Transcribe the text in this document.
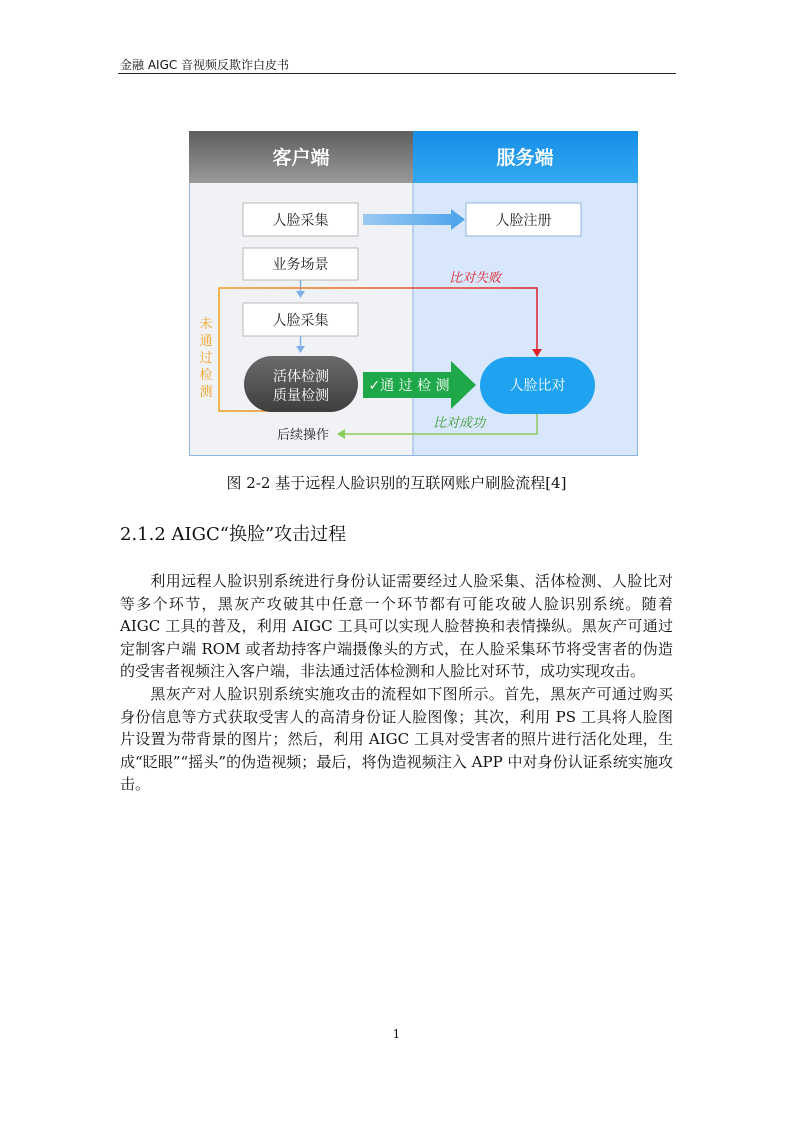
金融 AIGC 音视频反欺诈白皮书
客户端	服务端
人脸采集	人脸注册
业务场景
比对失败
未
通
过
检
测
人脸采集
活体检测
质量检测
✓通 过 检 测	人脸比对
比对成功
后续操作
图 2-2 基于远程人脸识别的互联网账户刷脸流程[4]
2.1.2 AIGC“换脸”攻击过程

利用远程人脸识别系统进行身份认证需要经过人脸采集、活体检测、人脸比对等多个环节，黑灰产攻破其中任意一个环节都有可能攻破人脸识别系统。随着 AIGC 工具的普及，利用 AIGC 工具可以实现人脸替换和表情操纵。黑灰产可通过定制客户端 ROM 或者劫持客户端摄像头的方式，在人脸采集环节将受害者的伪造的受害者视频注入客户端，非法通过活体检测和人脸比对环节，成功实现攻击。

黑灰产对人脸识别系统实施攻击的流程如下图所示。首先，黑灰产可通过购买身份信息等方式获取受害人的高清身份证人脸图像；其次，利用 PS 工具将人脸图片设置为带背景的图片；然后，利用 AIGC 工具对受害者的照片进行活化处理，生成“眨眼”“摇头”的伪造视频；最后，将伪造视频注入 APP 中对身份认证系统实施攻击。

1
